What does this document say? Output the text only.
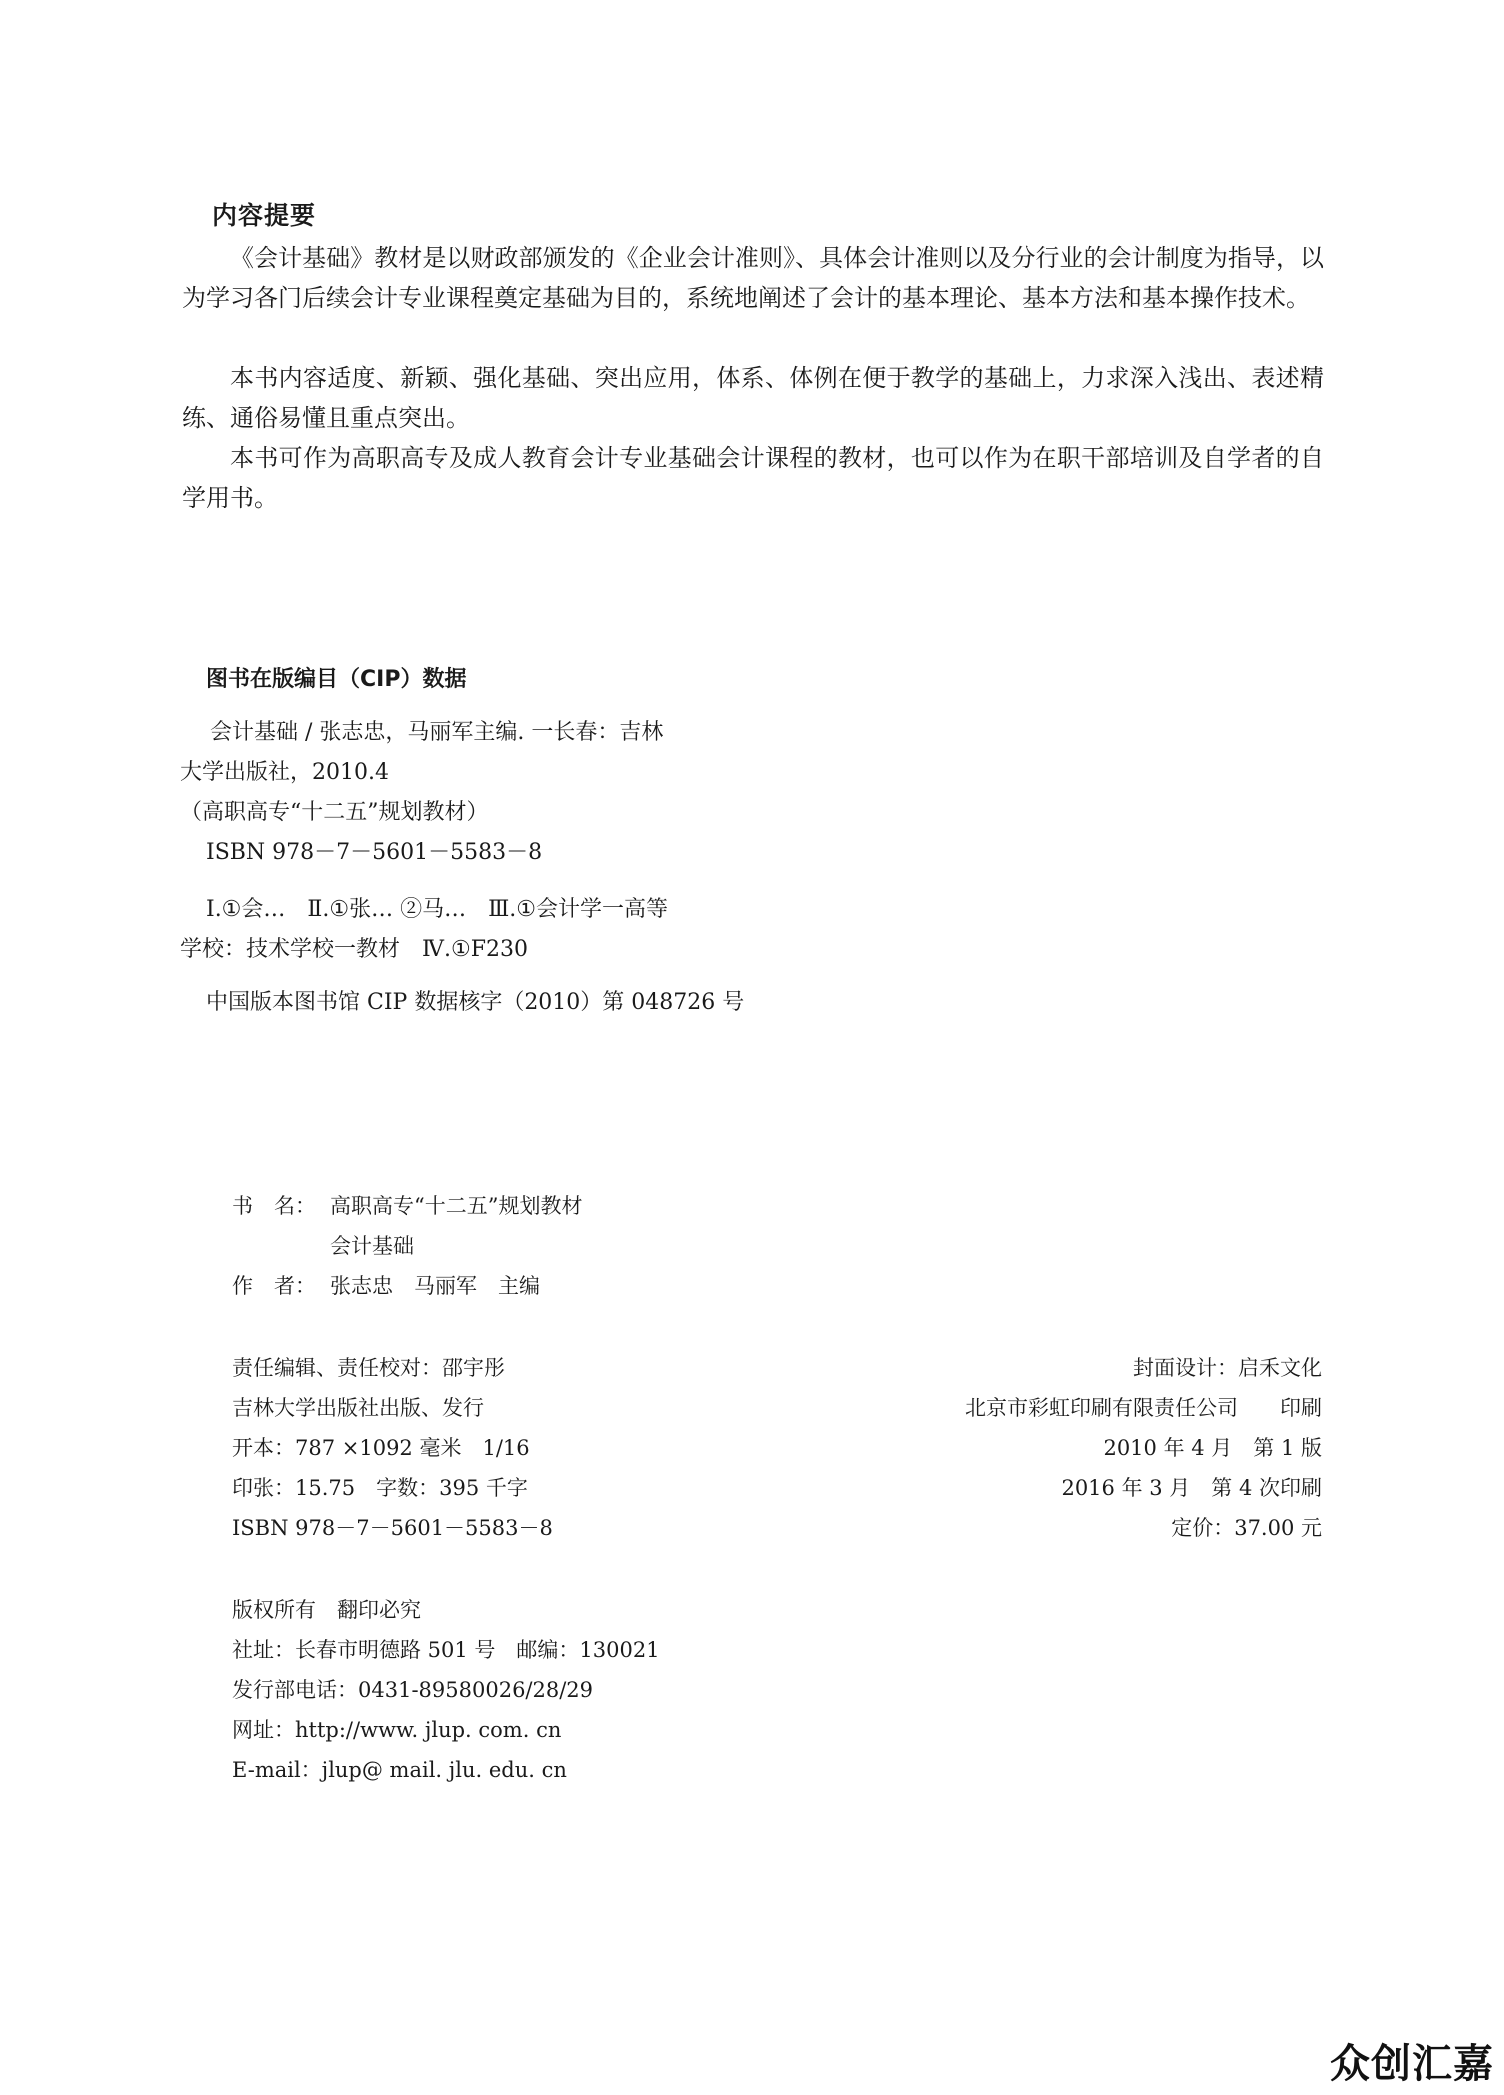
内容提要
《会计基础》教材是以财政部颁发的《企业会计准则》、具体会计准则以及分行业的会计制度为指导，以为学习各门后续会计专业课程奠定基础为目的，系统地阐述了会计的基本理论、基本方法和基本操作技术。
本书内容适度、新颖、强化基础、突出应用，体系、体例在便于教学的基础上，力求深入浅出、表述精练、通俗易懂且重点突出。
本书可作为高职高专及成人教育会计专业基础会计课程的教材，也可以作为在职干部培训及自学者的自学用书。
图书在版编目（CIP）数据
会计基础 / 张志忠，马丽军主编. 一长春：吉林
大学出版社，2010.4
（高职高专“十二五”规划教材）
ISBN 978－7－5601－5583－8
Ⅰ.①会…　Ⅱ.①张… ②马…　Ⅲ.①会计学一高等
学校：技术学校一教材　Ⅳ.①F230
中国版本图书馆 CIP 数据核字（2010）第 048726 号
书　名： 高职高专“十二五”规划教材
会计基础
作　者： 张志忠　马丽军　主编
责任编辑、责任校对：邵宇彤
吉林大学出版社出版、发行
开本：787 ×1092 毫米　1/16
印张：15.75　字数：395 千字
ISBN 978－7－5601－5583－8
封面设计：启禾文化
北京市彩虹印刷有限责任公司　　印刷
2010 年 4 月　第 1 版
2016 年 3 月　第 4 次印刷
定价：37.00 元
版权所有　翻印必究
社址：长春市明德路 501 号　邮编：130021
发行部电话：0431-89580026/28/29
网址：http://www. jlup. com. cn
E-mail：jlup@ mail. jlu. edu. cn
众创汇嘉
